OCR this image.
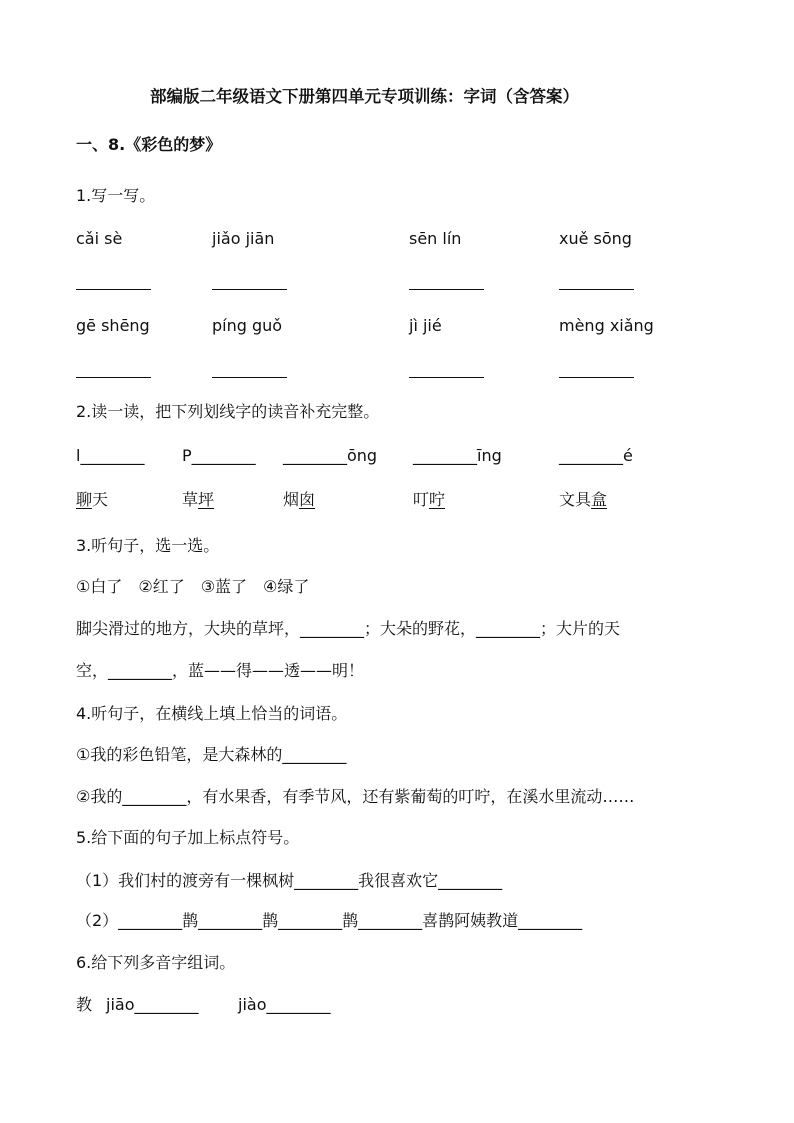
部编版二年级语文下册第四单元专项训练：字词（含答案）
一、8.《彩色的梦》
1.写一写。
cǎi sè	jiǎo jiān	sēn lín	xuě sōng
gē shēng	píng guǒ	jì jié	mèng xiǎng
2.读一读，把下列划线字的读音补充完整。
l________ P________ ________ōng ________īng	________é
聊天	草坪	烟囱	叮咛	文具盒
3.听句子，选一选。
①白了　②红了　③蓝了　④绿了
脚尖滑过的地方，大块的草坪，________；大朵的野花，________；大片的天
空，________，蓝——得——透——明！
4.听句子，在横线上填上恰当的词语。
①我的彩色铅笔，是大森林的________
②我的________，有水果香，有季节风，还有紫葡萄的叮咛，在溪水里流动……
5.给下面的句子加上标点符号。
（1）我们村的渡旁有一棵枫树________我很喜欢它________
（2）________鹊________鹊________鹊________喜鹊阿姨教道________
6.给下列多音字组词。
教 jiāo________ jiào________
